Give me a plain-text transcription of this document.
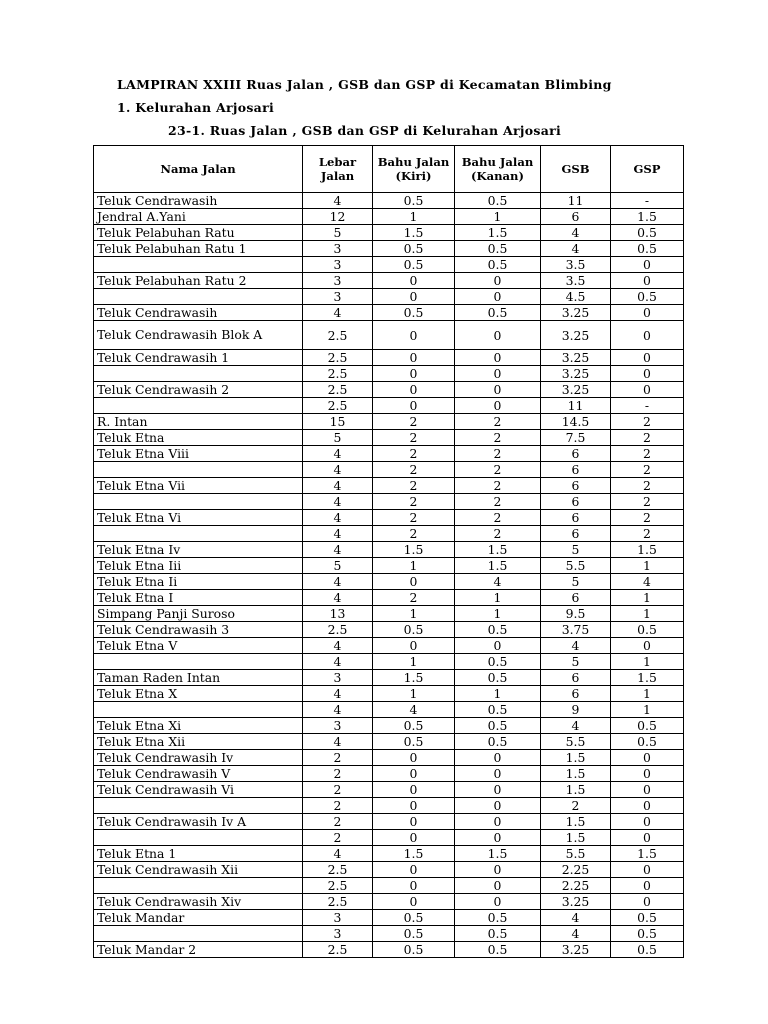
LAMPIRAN XXIII Ruas Jalan , GSB dan GSP di Kecamatan Blimbing
1. Kelurahan Arjosari
23-1. Ruas Jalan , GSB dan GSP di Kelurahan Arjosari
Nama Jalan	Lebar Jalan	Bahu Jalan (Kiri)	Bahu Jalan (Kanan)	GSB	GSP
Teluk Cendrawasih	4	0.5	0.5	11	-
Jendral A.Yani	12	1	1	6	1.5
Teluk Pelabuhan Ratu	5	1.5	1.5	4	0.5
Teluk Pelabuhan Ratu 1	3	0.5	0.5	4	0.5
	3	0.5	0.5	3.5	0
Teluk Pelabuhan Ratu 2	3	0	0	3.5	0
	3	0	0	4.5	0.5
Teluk Cendrawasih	4	0.5	0.5	3.25	0
Teluk Cendrawasih Blok A	2.5	0	0	3.25	0
Teluk Cendrawasih 1	2.5	0	0	3.25	0
	2.5	0	0	3.25	0
Teluk Cendrawasih 2	2.5	0	0	3.25	0
	2.5	0	0	11	-
R. Intan	15	2	2	14.5	2
Teluk Etna	5	2	2	7.5	2
Teluk Etna Viii	4	2	2	6	2
	4	2	2	6	2
Teluk Etna Vii	4	2	2	6	2
	4	2	2	6	2
Teluk Etna Vi	4	2	2	6	2
	4	2	2	6	2
Teluk Etna Iv	4	1.5	1.5	5	1.5
Teluk Etna Iii	5	1	1.5	5.5	1
Teluk Etna Ii	4	0	4	5	4
Teluk Etna I	4	2	1	6	1
Simpang Panji Suroso	13	1	1	9.5	1
Teluk Cendrawasih 3	2.5	0.5	0.5	3.75	0.5
Teluk Etna V	4	0	0	4	0
	4	1	0.5	5	1
Taman Raden Intan	3	1.5	0.5	6	1.5
Teluk Etna X	4	1	1	6	1
	4	4	0.5	9	1
Teluk Etna Xi	3	0.5	0.5	4	0.5
Teluk Etna Xii	4	0.5	0.5	5.5	0.5
Teluk Cendrawasih Iv	2	0	0	1.5	0
Teluk Cendrawasih V	2	0	0	1.5	0
Teluk Cendrawasih Vi	2	0	0	1.5	0
	2	0	0	2	0
Teluk Cendrawasih Iv A	2	0	0	1.5	0
	2	0	0	1.5	0
Teluk Etna 1	4	1.5	1.5	5.5	1.5
Teluk Cendrawasih Xii	2.5	0	0	2.25	0
	2.5	0	0	2.25	0
Teluk Cendrawasih Xiv	2.5	0	0	3.25	0
Teluk Mandar	3	0.5	0.5	4	0.5
	3	0.5	0.5	4	0.5
Teluk Mandar 2	2.5	0.5	0.5	3.25	0.5
